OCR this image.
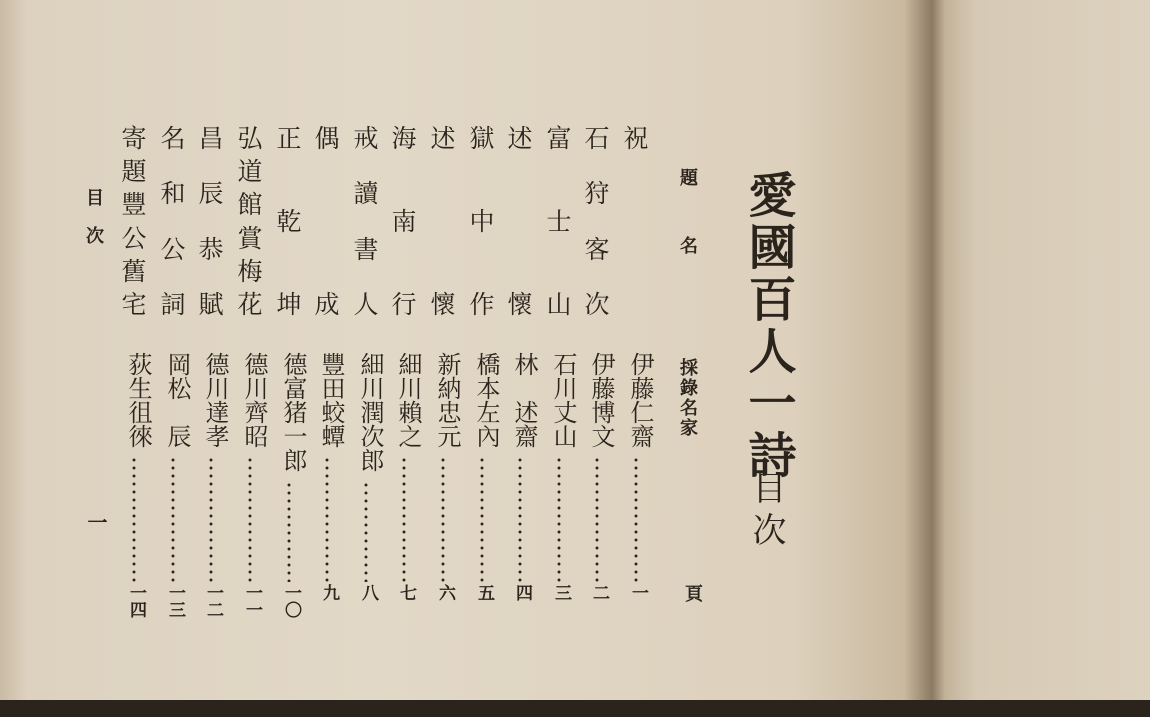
愛國百人一詩
目次
題名
採錄名家
頁
祝
伊藤仁齋
一
石
狩
客
次
伊藤博文
二
富
士
山
石川丈山
三
述
懷
林　述齋
四
獄
中
作
橋本左內
五
述
懷
新納忠元
六
海
南
行
細川賴之
七
戒
讀
書
人
細川潤次郎
八
偶
成
豐田蛟蟫
九
正
乾
坤
德富猪一郎
一〇
弘
道
館
賞
梅
花
德川齊昭
一一
昌
辰
恭
賦
德川達孝
一二
名
和
公
詞
岡松　辰
一三
寄
題
豐
公
舊
宅
荻生徂徠
一四
目次
一
